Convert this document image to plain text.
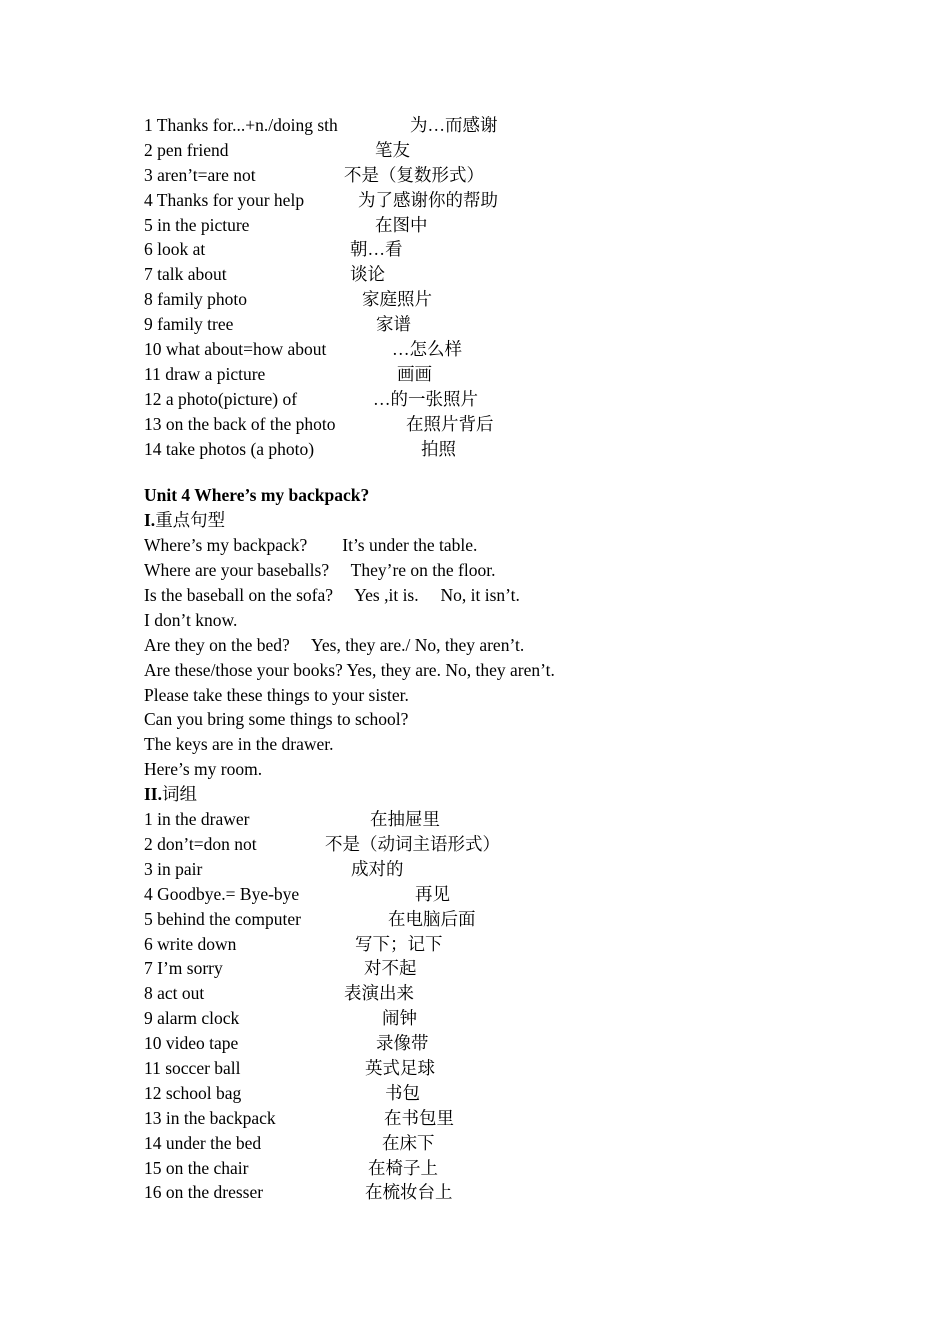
1 Thanks for...+n./doing sth	为…而感谢
2 pen friend	笔友
3 aren’t=are not	不是（复数形式）
4 Thanks for your help	为了感谢你的帮助
5 in the picture	在图中
6 look at	朝…看
7 talk about	谈论
8 family photo	家庭照片
9 family tree	家谱
10 what about=how about	…怎么样
11 draw a picture	画画
12 a photo(picture) of	…的一张照片
13 on the back of the photo	在照片背后
14 take photos (a photo)	拍照
Unit 4 Where’s my backpack?
I.重点句型
Where’s my backpack?        It’s under the table.
Where are your baseballs?     They’re on the floor.
Is the baseball on the sofa?     Yes ,it is.     No, it isn’t.
I don’t know.
Are they on the bed?     Yes, they are./ No, they aren’t.
Are these/those your books? Yes, they are. No, they aren’t.
Please take these things to your sister.
Can you bring some things to school?
The keys are in the drawer.
Here’s my room.
II.词组
1 in the drawer	在抽屉里
2 don’t=don not	不是（动词主语形式）
3 in pair	成对的
4 Goodbye.= Bye-bye	再见
5 behind the computer	在电脑后面
6 write down	写下；记下
7 I’m sorry	对不起
8 act out	表演出来
9 alarm clock	闹钟
10 video tape	录像带
11 soccer ball	英式足球
12 school bag	书包
13 in the backpack	在书包里
14 under the bed	在床下
15 on the chair	在椅子上
16 on the dresser	在梳妆台上
